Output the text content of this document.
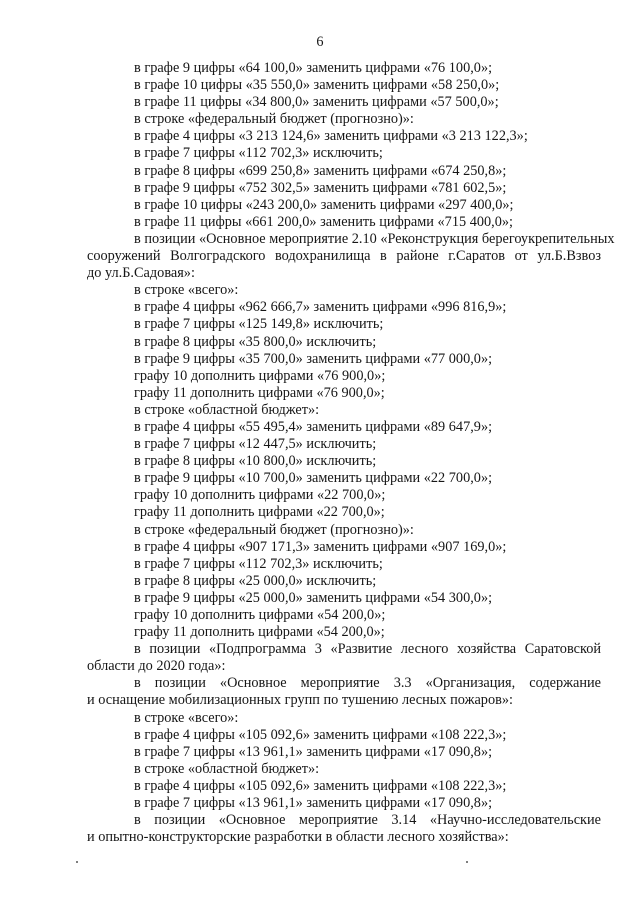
6
в графе 9 цифры «64 100,0» заменить цифрами «76 100,0»;
в графе 10 цифры «35 550,0» заменить цифрами «58 250,0»;
в графе 11 цифры «34 800,0» заменить цифрами «57 500,0»;
в строке «федеральный бюджет (прогнозно)»:
в графе 4 цифры «3 213 124,6» заменить цифрами «3 213 122,3»;
в графе 7 цифры «112 702,3» исключить;
в графе 8 цифры «699 250,8» заменить цифрами «674 250,8»;
в графе 9 цифры «752 302,5» заменить цифрами «781 602,5»;
в графе 10 цифры «243 200,0» заменить цифрами «297 400,0»;
в графе 11 цифры «661 200,0» заменить цифрами «715 400,0»;
в позиции «Основное мероприятие 2.10 «Реконструкция берегоукрепительных
сооружений Волгоградского водохранилища в районе г.Саратов от ул.Б.Взвоз
до ул.Б.Садовая»:
в строке «всего»:
в графе 4 цифры «962 666,7» заменить цифрами «996 816,9»;
в графе 7 цифры «125 149,8» исключить;
в графе 8 цифры «35 800,0» исключить;
в графе 9 цифры «35 700,0» заменить цифрами «77 000,0»;
графу 10 дополнить цифрами «76 900,0»;
графу 11 дополнить цифрами «76 900,0»;
в строке «областной бюджет»:
в графе 4 цифры «55 495,4» заменить цифрами «89 647,9»;
в графе 7 цифры «12 447,5» исключить;
в графе 8 цифры «10 800,0» исключить;
в графе 9 цифры «10 700,0» заменить цифрами «22 700,0»;
графу 10 дополнить цифрами «22 700,0»;
графу 11 дополнить цифрами «22 700,0»;
в строке «федеральный бюджет (прогнозно)»:
в графе 4 цифры «907 171,3» заменить цифрами «907 169,0»;
в графе 7 цифры «112 702,3» исключить;
в графе 8 цифры «25 000,0» исключить;
в графе 9 цифры «25 000,0» заменить цифрами «54 300,0»;
графу 10 дополнить цифрами «54 200,0»;
графу 11 дополнить цифрами «54 200,0»;
в позиции «Подпрограмма 3 «Развитие лесного хозяйства Саратовской
области до 2020 года»:
в позиции «Основное мероприятие 3.3 «Организация, содержание
и оснащение мобилизационных групп по тушению лесных пожаров»:
в строке «всего»:
в графе 4 цифры «105 092,6» заменить цифрами «108 222,3»;
в графе 7 цифры «13 961,1» заменить цифрами «17 090,8»;
в строке «областной бюджет»:
в графе 4 цифры «105 092,6» заменить цифрами «108 222,3»;
в графе 7 цифры «13 961,1» заменить цифрами «17 090,8»;
в позиции «Основное мероприятие 3.14 «Научно-исследовательские
и опытно-конструкторские разработки в области лесного хозяйства»:
